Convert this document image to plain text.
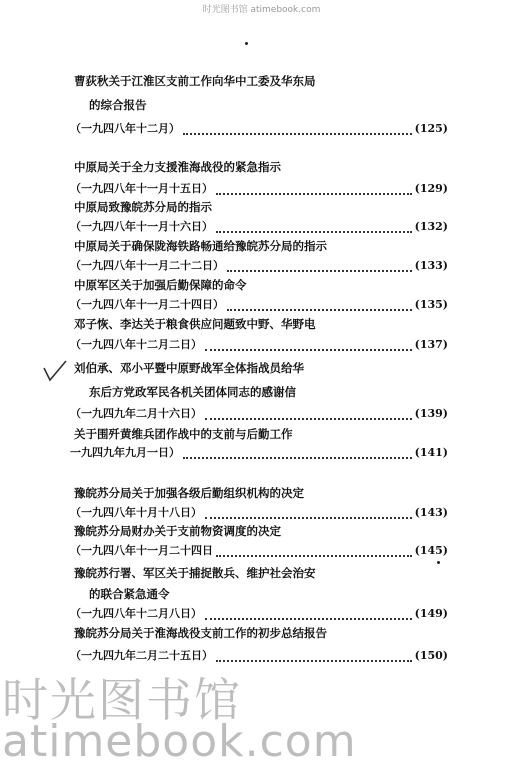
时光图书馆 atimebook.com
曹荻秋关于江淮区支前工作向华中工委及华东局
的综合报告
（一九四八年十二月）	(125)
中原局关于全力支援淮海战役的紧急指示
（一九四八年十一月十五日）	(129)
中原局致豫皖苏分局的指示
（一九四八年十一月十六日）	(132)
中原局关于确保陇海铁路畅通给豫皖苏分局的指示
（一九四八年十一月二十二日）	(133)
中原军区关于加强后勤保障的命令
（一九四八年十一月二十四日）	(135)
邓子恢、李达关于粮食供应问题致中野、华野电
（一九四八年十二月二日）	(137)
刘伯承、邓小平暨中原野战军全体指战员给华
东后方党政军民各机关团体同志的感谢信
（一九四九年二月十六日）	(139)
关于围歼黄维兵团作战中的支前与后勤工作
一九四九年九月一日）	(141)
豫皖苏分局关于加强各级后勤组织机构的决定
（一九四八年十月十八日）	(143)
豫皖苏分局财办关于支前物资调度的决定
（一九四八年十一月二十四日	(145)
豫皖苏行署、军区关于捕捉散兵、维护社会治安
的联合紧急通令
（一九四八年十二月八日）	(149)
豫皖苏分局关于淮海战役支前工作的初步总结报告
（一九四九年二月二十五日）	(150)
时光图书馆
atimebook.com
